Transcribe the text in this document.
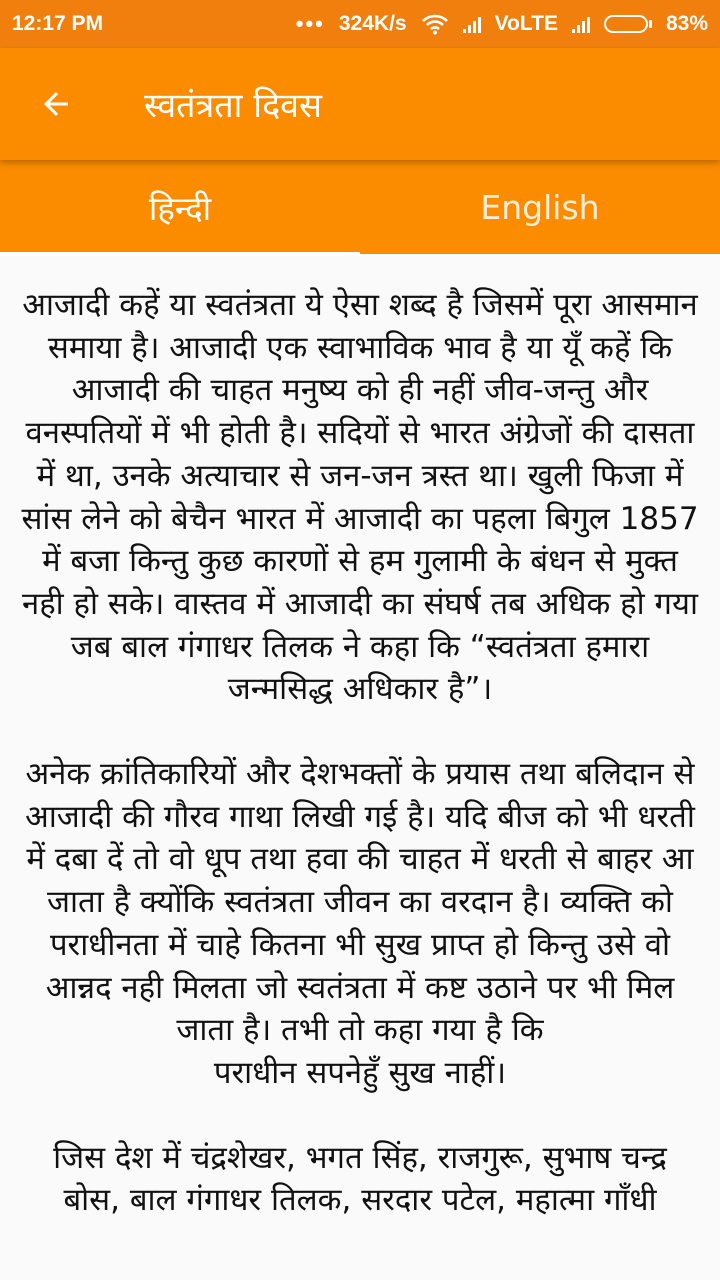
12:17 PM	••• 324K/s	VoLTE	83%
स्वतंत्रता दिवस
हिन्दी	English

आजादी कहें या स्वतंत्रता ये ऐसा शब्द है जिसमें पूरा आसमान समाया है। आजादी एक स्वाभाविक भाव है या यूँ कहें कि आजादी की चाहत मनुष्य को ही नहीं जीव-जन्तु और वनस्पतियों में भी होती है। सदियों से भारत अंग्रेजों की दासता में था, उनके अत्याचार से जन-जन त्रस्त था। खुली फिजा में सांस लेने को बेचैन भारत में आजादी का पहला बिगुल 1857 में बजा किन्तु कुछ कारणों से हम गुलामी के बंधन से मुक्त नही हो सके। वास्तव में आजादी का संघर्ष तब अधिक हो गया जब बाल गंगाधर तिलक ने कहा कि “स्वतंत्रता हमारा जन्मसिद्ध अधिकार है”।

अनेक क्रांतिकारियों और देशभक्तों के प्रयास तथा बलिदान से आजादी की गौरव गाथा लिखी गई है। यदि बीज को भी धरती में दबा दें तो वो धूप तथा हवा की चाहत में धरती से बाहर आ जाता है क्योंकि स्वतंत्रता जीवन का वरदान है। व्यक्ति को पराधीनता में चाहे कितना भी सुख प्राप्त हो किन्तु उसे वो आन्नद नही मिलता जो स्वतंत्रता में कष्ट उठाने पर भी मिल जाता है। तभी तो कहा गया है कि

पराधीन सपनेहुँ सुख नाहीं।

जिस देश में चंद्रशेखर, भगत सिंह, राजगुरू, सुभाष चन्द्र बोस, बाल गंगाधर तिलक, सरदार पटेल, महात्मा गाँधी
